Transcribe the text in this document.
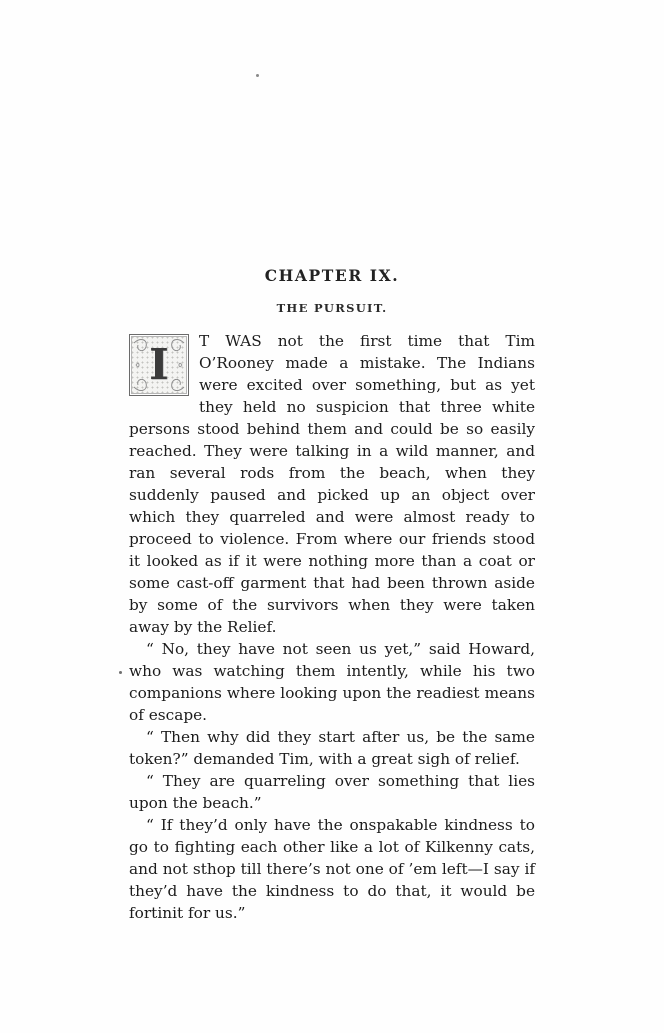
CHAPTER IX.
THE PURSUIT.

I T WAS not the first time that Tim O’Rooney made a mistake. The Indians were excited over something, but as yet they held no suspicion that three white persons stood behind them and could be so easily reached. They were talking in a wild manner, and ran several rods from the beach, when they suddenly paused and picked up an object over which they quarreled and were almost ready to proceed to violence. From where our friends stood it looked as if it were nothing more than a coat or some cast-off garment that had been thrown aside by some of the survivors when they were taken away by the Relief.

“ No, they have not seen us yet,” said Howard, who was watching them intently, while his two companions where looking upon the readiest means of escape.

“ Then why did they start after us, be the same token?” demanded Tim, with a great sigh of relief.

“ They are quarreling over something that lies upon the beach.”

“ If they’d only have the onspakable kindness to go to fighting each other like a lot of Kilkenny cats, and not sthop till there’s not one of ’em left—I say if they’d have the kindness to do that, it would be fortinit for us.”
